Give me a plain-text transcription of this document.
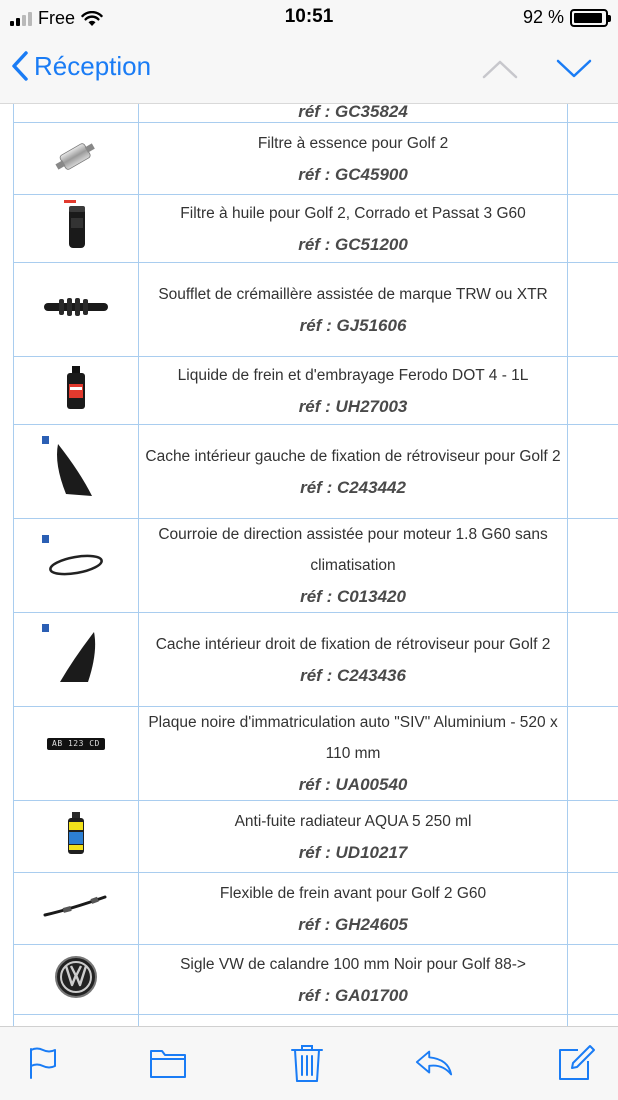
Free	10:51	92 %
Réception

	réf : GC35824	

Filtre à essence pour Golf 2
réf : GC45900	

Filtre à huile pour Golf 2, Corrado et Passat 3 G60
réf : GC51200	

Soufflet de crémaillère assistée de marque TRW ou XTR
réf : GJ51606	

Liquide de frein et d'embrayage Ferodo DOT 4 - 1L
réf : UH27003	

Cache intérieur gauche de fixation de rétroviseur pour Golf 2
réf : C243442	

Courroie de direction assistée pour moteur 1.8 G60 sans climatisation
réf : C013420	

Cache intérieur droit de fixation de rétroviseur pour Golf 2
réf : C243436	

AB 123 CD	Plaque noire d'immatriculation auto "SIV" Aluminium - 520 x 110 mm
réf : UA00540	

Anti-fuite radiateur AQUA 5 250 ml
réf : UD10217	

Flexible de frein avant pour Golf 2 G60
réf : GH24605	

Sigle VW de calandre 100 mm Noir pour Golf 88->
réf : GA01700	
